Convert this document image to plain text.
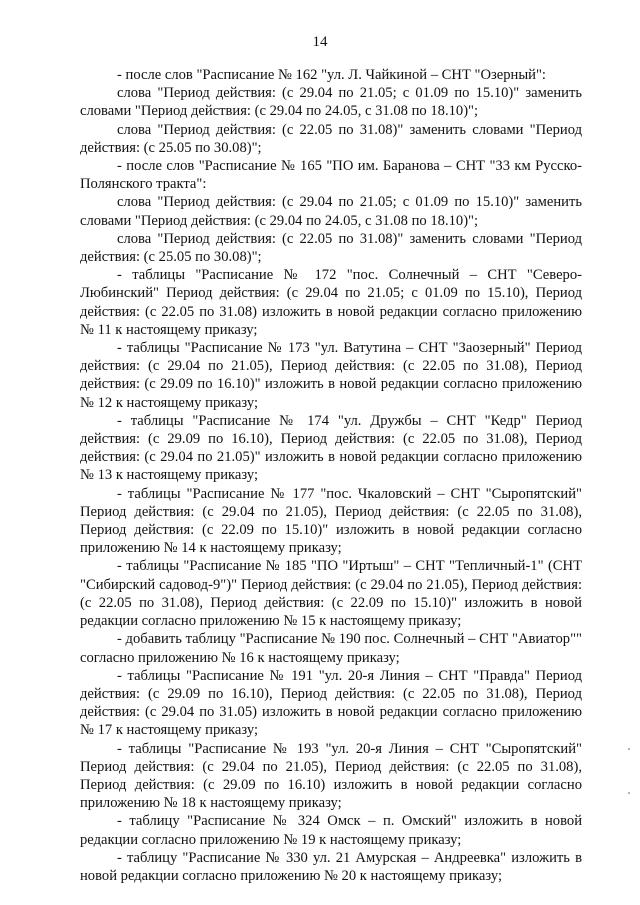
14

- после слов "Расписание № 162 "ул. Л. Чайкиной – СНТ "Озерный":

слова "Период действия: (с 29.04 по 21.05; с 01.09 по 15.10)" заменить словами "Период действия: (с 29.04 по 24.05, с 31.08 по 18.10)";

слова "Период действия: (с 22.05 по 31.08)" заменить словами "Период действия: (с 25.05 по 30.08)";

- после слов "Расписание № 165 "ПО им. Баранова – СНТ "33 км Русско-Полянского тракта":

слова "Период действия: (с 29.04 по 21.05; с 01.09 по 15.10)" заменить словами "Период действия: (с 29.04 по 24.05, с 31.08 по 18.10)";

слова "Период действия: (с 22.05 по 31.08)" заменить словами "Период действия: (с 25.05 по 30.08)";

- таблицы "Расписание № 172 "пос. Солнечный – СНТ "Северо-Любинский" Период действия: (с 29.04 по 21.05; с 01.09 по 15.10), Период действия: (с 22.05 по 31.08) изложить в новой редакции согласно приложению № 11 к настоящему приказу;

- таблицы "Расписание № 173 "ул. Ватутина – СНТ "Заозерный" Период действия: (с 29.04 по 21.05), Период действия: (с 22.05 по 31.08), Период действия: (с 29.09 по 16.10)" изложить в новой редакции согласно приложению № 12 к настоящему приказу;

- таблицы "Расписание № 174 "ул. Дружбы – СНТ "Кедр" Период действия: (с 29.09 по 16.10), Период действия: (с 22.05 по 31.08), Период действия: (с 29.04 по 21.05)" изложить в новой редакции согласно приложению № 13 к настоящему приказу;

- таблицы "Расписание № 177 "пос. Чкаловский – СНТ "Сыропятский" Период действия: (с 29.04 по 21.05), Период действия: (с 22.05 по 31.08), Период действия: (с 22.09 по 15.10)" изложить в новой редакции согласно приложению № 14 к настоящему приказу;

- таблицы "Расписание № 185 "ПО "Иртыш" – СНТ "Тепличный-1" (СНТ "Сибирский садовод-9")" Период действия: (с 29.04 по 21.05), Период действия: (с 22.05 по 31.08), Период действия: (с 22.09 по 15.10)" изложить в новой редакции согласно приложению № 15 к настоящему приказу;

- добавить таблицу "Расписание № 190 пос. Солнечный – СНТ "Авиатор"" согласно приложению № 16 к настоящему приказу;

- таблицы "Расписание № 191 "ул. 20-я Линия – СНТ "Правда" Период действия: (с 29.09 по 16.10), Период действия: (с 22.05 по 31.08), Период действия: (с 29.04 по 31.05) изложить в новой редакции согласно приложению № 17 к настоящему приказу;

- таблицы "Расписание № 193 "ул. 20-я Линия – СНТ "Сыропятский" Период действия: (с 29.04 по 21.05), Период действия: (с 22.05 по 31.08), Период действия: (с 29.09 по 16.10) изложить в новой редакции согласно приложению № 18 к настоящему приказу;

- таблицу "Расписание № 324 Омск – п. Омский" изложить в новой редакции согласно приложению № 19 к настоящему приказу;

- таблицу "Расписание № 330 ул. 21 Амурская – Андреевка" изложить в новой редакции согласно приложению № 20 к настоящему приказу;
